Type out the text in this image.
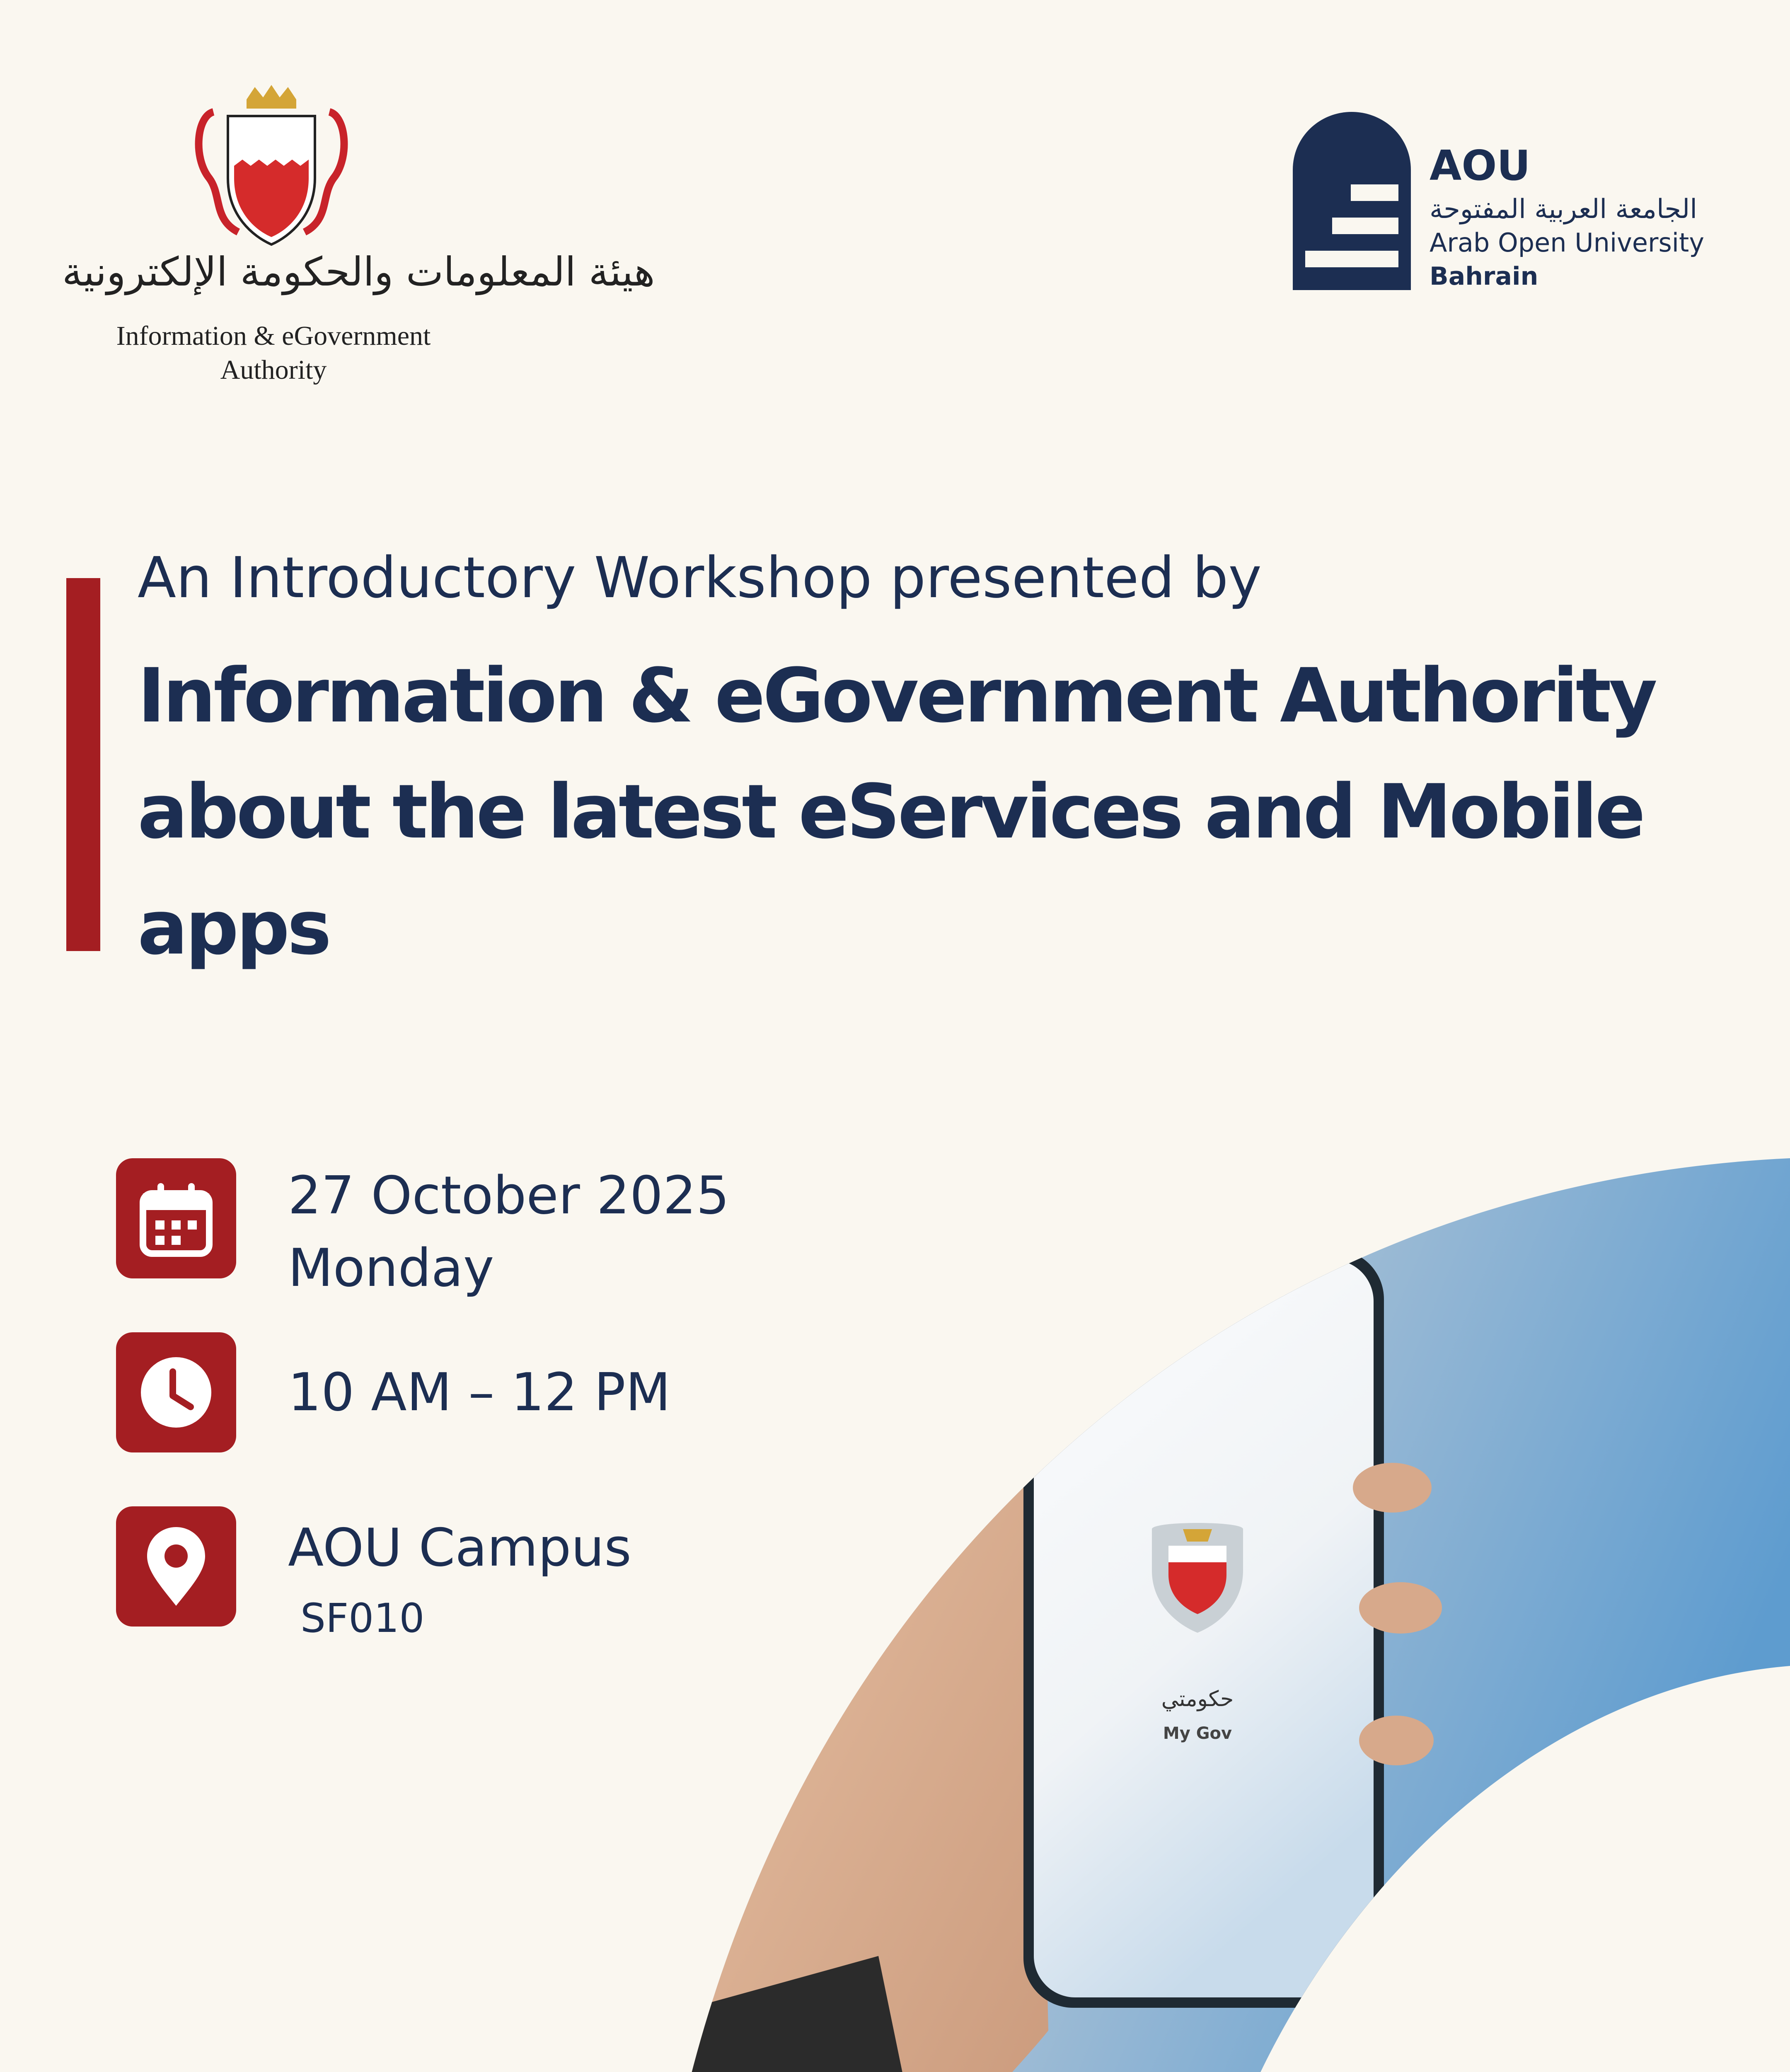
حكومتي
My Gov
هيئة المعلومات والحكومة الإلكترونية
Information & eGovernment
Authority
AOU
الجامعة العربية المفتوحة
Arab Open University
Bahrain
An Introductory Workshop presented by
Information & eGovernment Authority about the latest eServices and Mobile apps
27 October 2025
Monday
10 AM – 12 PM
AOU Campus
SF010
